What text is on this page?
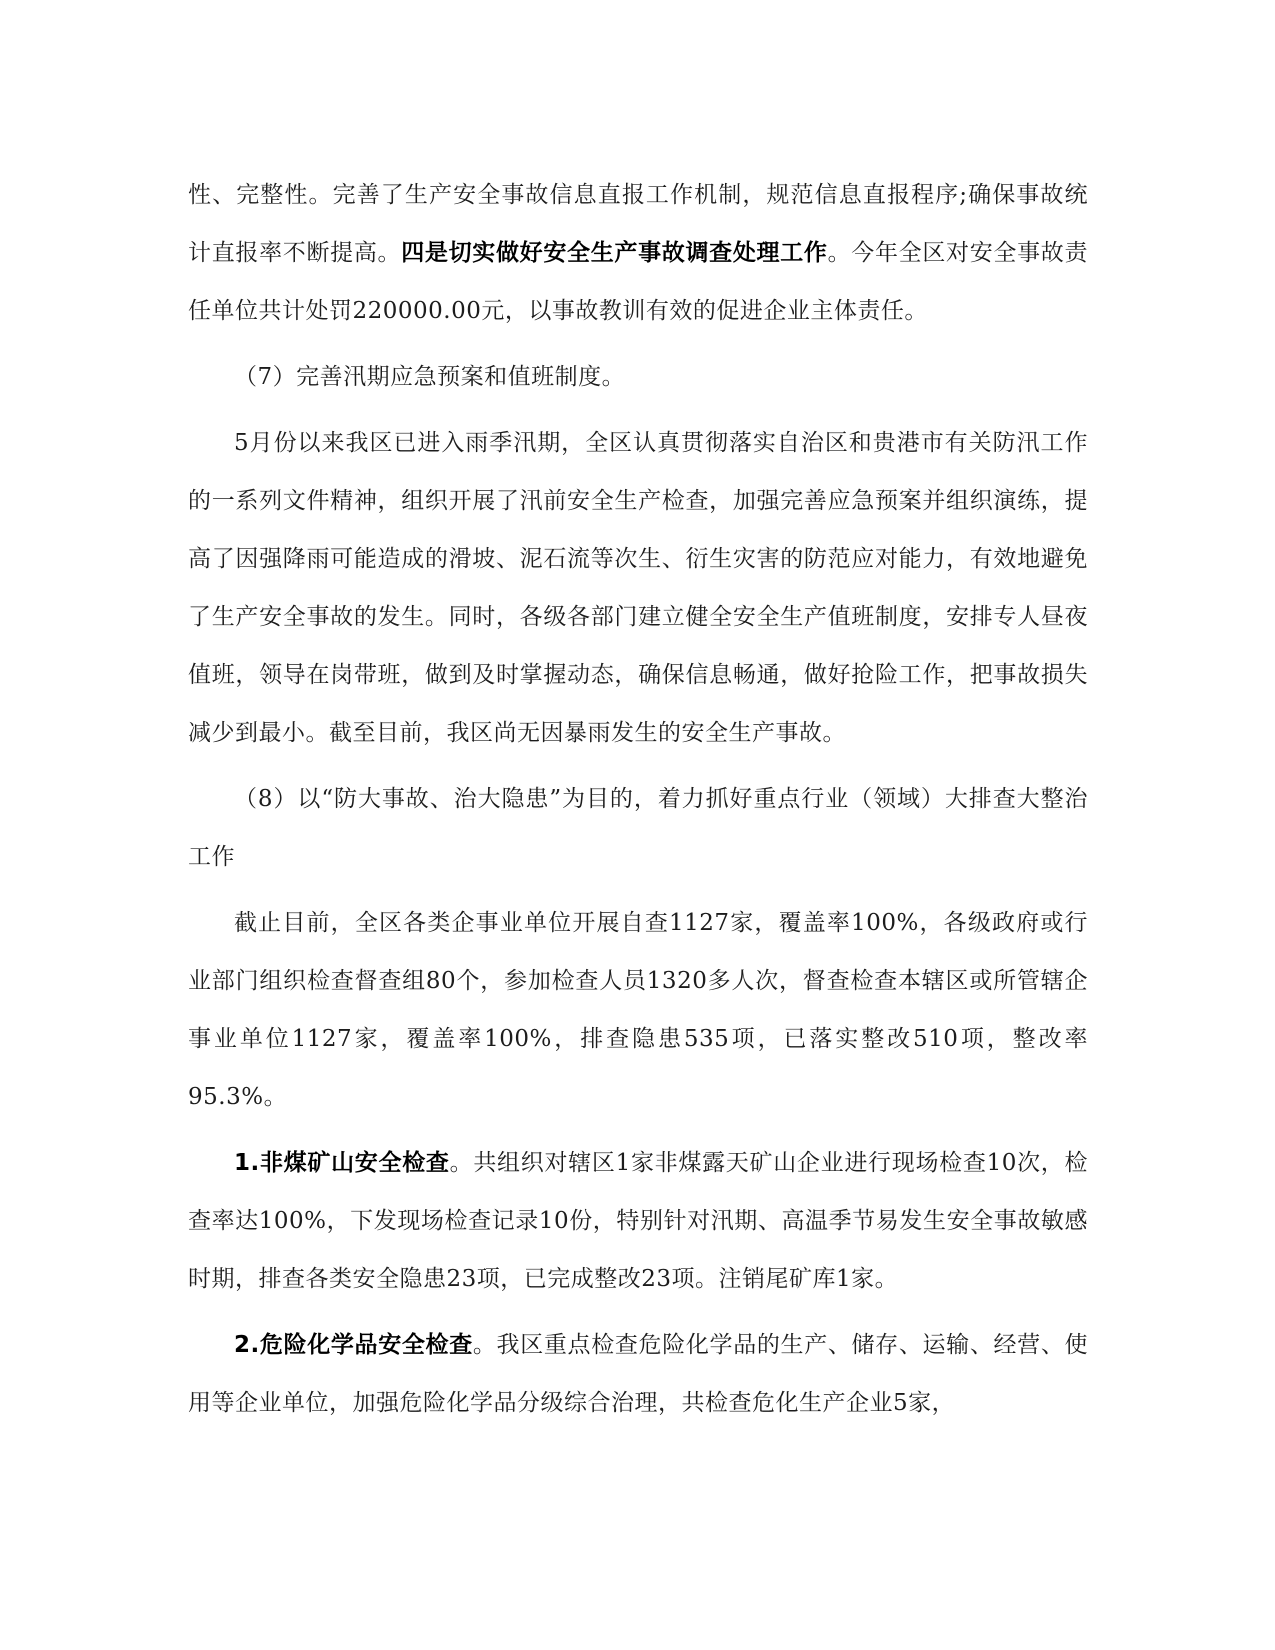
性、完整性。完善了生产安全事故信息直报工作机制，规范信息直报程序;确保事故统计直报率不断提高。四是切实做好安全生产事故调查处理工作。今年全区对安全事故责任单位共计处罚220000.00元，以事故教训有效的促进企业主体责任。

（7）完善汛期应急预案和值班制度。

5月份以来我区已进入雨季汛期，全区认真贯彻落实自治区和贵港市有关防汛工作的一系列文件精神，组织开展了汛前安全生产检查，加强完善应急预案并组织演练，提高了因强降雨可能造成的滑坡、泥石流等次生、衍生灾害的防范应对能力，有效地避免了生产安全事故的发生。同时，各级各部门建立健全安全生产值班制度，安排专人昼夜值班，领导在岗带班，做到及时掌握动态，确保信息畅通，做好抢险工作，把事故损失减少到最小。截至目前，我区尚无因暴雨发生的安全生产事故。

（8）以“防大事故、治大隐患”为目的，着力抓好重点行业（领域）大排查大整治工作

截止目前，全区各类企事业单位开展自查1127家，覆盖率100%，各级政府或行业部门组织检查督查组80个，参加检查人员1320多人次，督查检查本辖区或所管辖企事业单位1127家，覆盖率100%，排查隐患535项，已落实整改510项，整改率95.3%。

1.非煤矿山安全检查。共组织对辖区1家非煤露天矿山企业进行现场检查10次，检查率达100%，下发现场检查记录10份，特别针对汛期、高温季节易发生安全事故敏感时期，排查各类安全隐患23项，已完成整改23项。注销尾矿库1家。

2.危险化学品安全检查。我区重点检查危险化学品的生产、储存、运输、经营、使用等企业单位，加强危险化学品分级综合治理，共检查危化生产企业5家，
